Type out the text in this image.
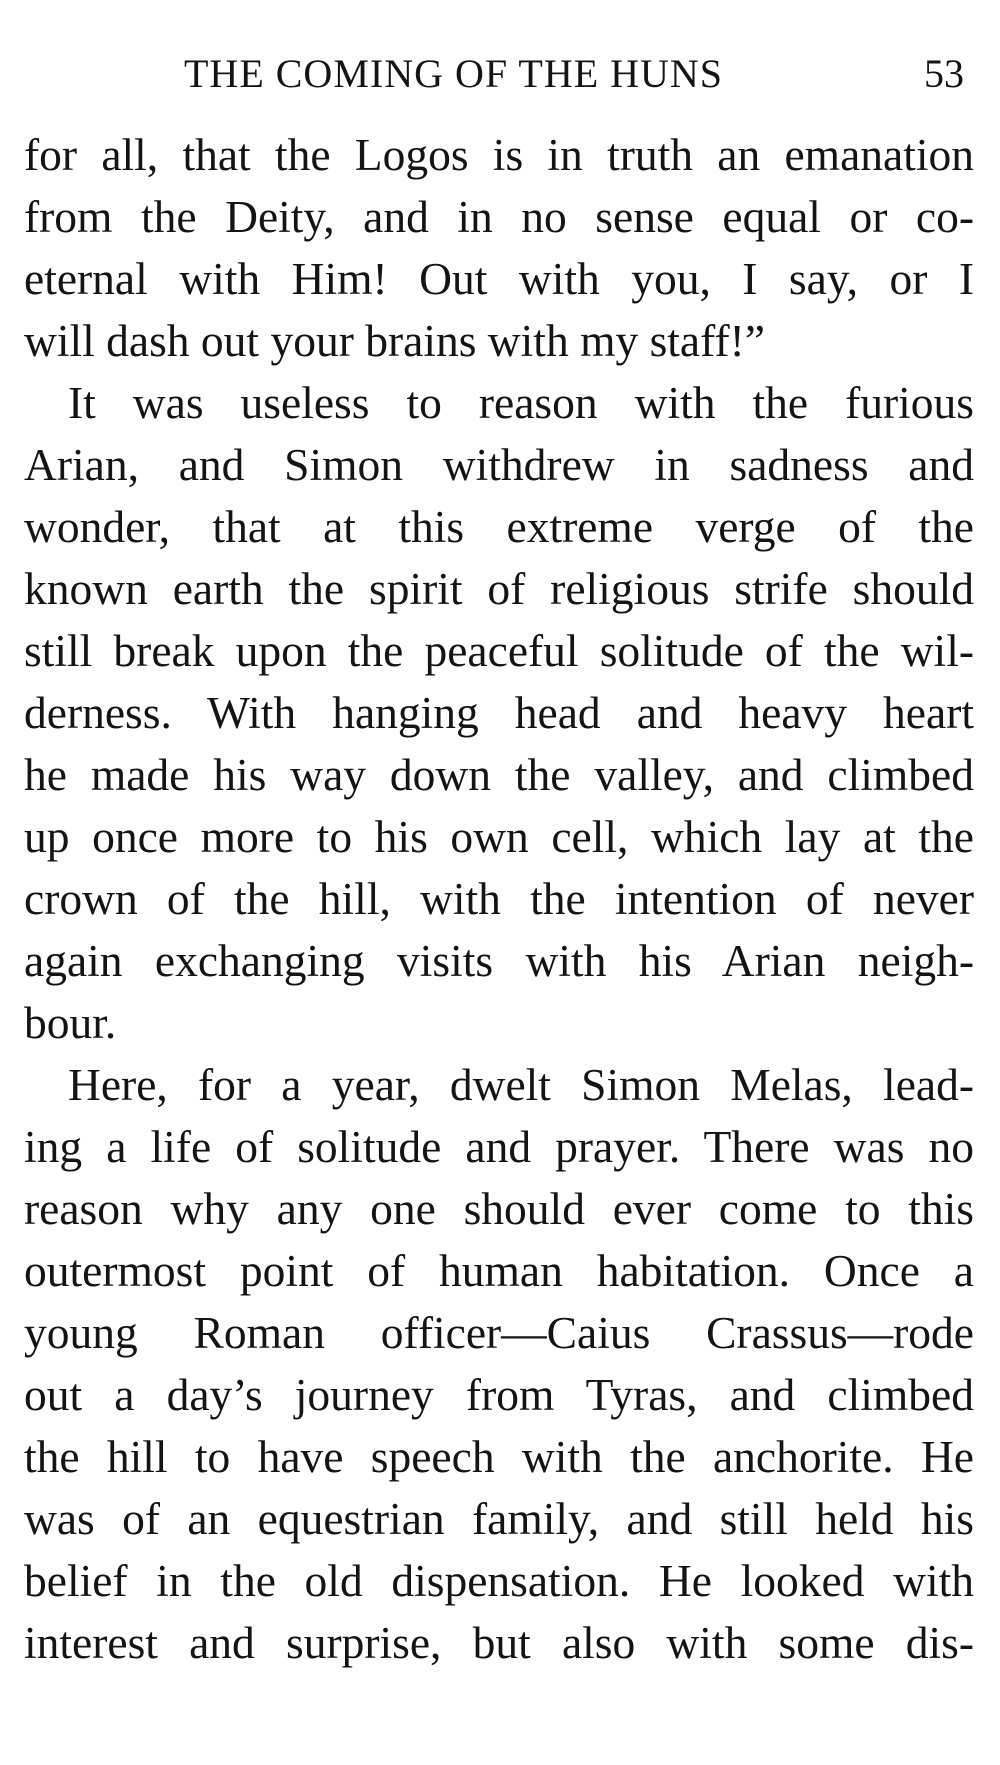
THE COMING OF THE HUNS	53
for all, that the Logos is in truth an emanation
from the Deity, and in no sense equal or co-
eternal with Him! Out with you, I say, or I
will dash out your brains with my staff!”
It was useless to reason with the furious
Arian, and Simon withdrew in sadness and
wonder, that at this extreme verge of the
known earth the spirit of religious strife should
still break upon the peaceful solitude of the wil-
derness. With hanging head and heavy heart
he made his way down the valley, and climbed
up once more to his own cell, which lay at the
crown of the hill, with the intention of never
again exchanging visits with his Arian neigh-
bour.
Here, for a year, dwelt Simon Melas, lead-
ing a life of solitude and prayer. There was no
reason why any one should ever come to this
outermost point of human habitation. Once a
young Roman officer—Caius Crassus—rode
out a day’s journey from Tyras, and climbed
the hill to have speech with the anchorite. He
was of an equestrian family, and still held his
belief in the old dispensation. He looked with
interest and surprise, but also with some dis-
